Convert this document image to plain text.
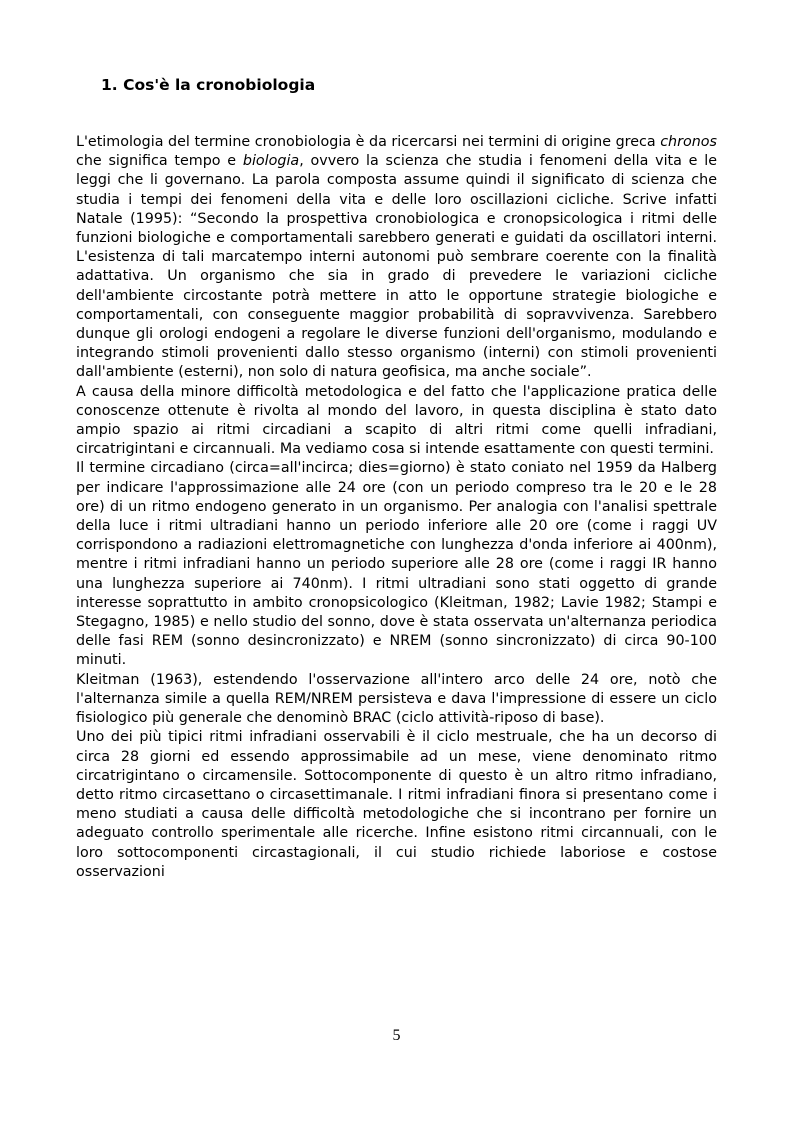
1. Cos'è la cronobiologia

L'etimologia del termine cronobiologia è da ricercarsi nei termini di origine greca chronos che significa tempo e biologia, ovvero la scienza che studia i fenomeni della vita e le leggi che li governano. La parola composta assume quindi il significato di scienza che studia i tempi dei fenomeni della vita e delle loro oscillazioni cicliche. Scrive infatti Natale (1995): “Secondo la prospettiva cronobiologica e cronopsicologica i ritmi delle funzioni biologiche e comportamentali sarebbero generati e guidati da oscillatori interni. L'esistenza di tali marcatempo interni autonomi può sembrare coerente con la finalità adattativa. Un organismo che sia in grado di prevedere le variazioni cicliche dell'ambiente circostante potrà mettere in atto le opportune strategie biologiche e comportamentali, con conseguente maggior probabilità di sopravvivenza. Sarebbero dunque gli orologi endogeni a regolare le diverse funzioni dell'organismo, modulando e integrando stimoli provenienti dallo stesso organismo (interni) con stimoli provenienti dall'ambiente (esterni), non solo di natura geofisica, ma anche sociale”.

A causa della minore difficoltà metodologica e del fatto che l'applicazione pratica delle conoscenze ottenute è rivolta al mondo del lavoro, in questa disciplina è stato dato ampio spazio ai ritmi circadiani a scapito di altri ritmi come quelli infradiani, circatrigintani e circannuali. Ma vediamo cosa si intende esattamente con questi termini.

Il termine circadiano (circa=all'incirca; dies=giorno) è stato coniato nel 1959 da Halberg per indicare l'approssimazione alle 24 ore (con un periodo compreso tra le 20 e le 28 ore) di un ritmo endogeno generato in un organismo. Per analogia con l'analisi spettrale della luce i ritmi ultradiani hanno un periodo inferiore alle 20 ore (come i raggi UV corrispondono a radiazioni elettromagnetiche con lunghezza d'onda inferiore ai 400nm), mentre i ritmi infradiani hanno un periodo superiore alle 28 ore (come i raggi IR hanno una lunghezza superiore ai 740nm). I ritmi ultradiani sono stati oggetto di grande interesse soprattutto in ambito cronopsicologico (Kleitman, 1982; Lavie 1982; Stampi e Stegagno, 1985) e nello studio del sonno, dove è stata osservata un'alternanza periodica delle fasi REM (sonno desincronizzato) e NREM (sonno sincronizzato) di circa 90-100 minuti.

Kleitman (1963), estendendo l'osservazione all'intero arco delle 24 ore, notò che l'alternanza simile a quella REM/NREM persisteva e dava l'impressione di essere un ciclo fisiologico più generale che denominò BRAC (ciclo attività-riposo di base).

Uno dei più tipici ritmi infradiani osservabili è il ciclo mestruale, che ha un decorso di circa 28 giorni ed essendo approssimabile ad un mese, viene denominato ritmo circatrigintano o circamensile. Sottocomponente di questo è un altro ritmo infradiano, detto ritmo circasettano o circasettimanale. I ritmi infradiani finora si presentano come i meno studiati a causa delle difficoltà metodologiche che si incontrano per fornire un adeguato controllo sperimentale alle ricerche. Infine esistono ritmi circannuali, con le loro sottocomponenti circastagionali, il cui studio richiede laboriose e costose osservazioni

5
